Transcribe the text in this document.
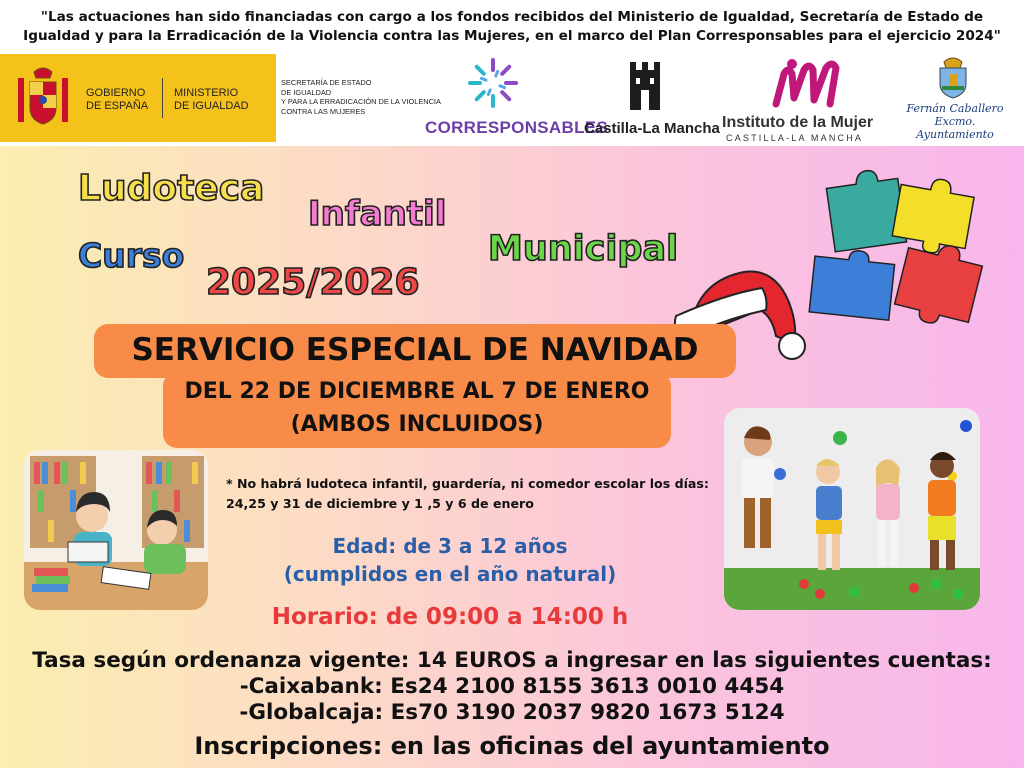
"Las actuaciones han sido financiadas con cargo a los fondos recibidos del Ministerio de Igualdad, Secretaría de Estado de
Igualdad y para la Erradicación de la Violencia contra las Mujeres, en el marco del Plan Corresponsables para el ejercicio 2024"
GOBIERNO
DE ESPAÑA
MINISTERIO
DE IGUALDAD
SECRETARÍA DE ESTADO
DE IGUALDAD
Y PARA LA ERRADICACIÓN DE LA VIOLENCIA
CONTRA LAS MUJERES
CORRESPONSABLES
Castilla-La Mancha Instituto de la Mujer
CASTILLA-LA MANCHA
Fernán Caballero
Excmo. Ayuntamiento
Ludoteca
Infantil
Curso	Municipal
2025/2026
SERVICIO ESPECIAL DE NAVIDAD
DEL 22 DE DICIEMBRE AL 7 DE ENERO
(AMBOS INCLUIDOS)
* No habrá ludoteca infantil, guardería, ni comedor escolar los días: 24,25 y 31 de diciembre y 1 ,5 y 6 de enero
Edad: de 3 a 12 años
(cumplidos en el año natural)
Horario: de 09:00 a 14:00 h
Tasa según ordenanza vigente: 14 EUROS a ingresar en las siguientes cuentas:
-Caixabank: Es24 2100 8155 3613 0010 4454
-Globalcaja: Es70 3190 2037 9820 1673 5124
Inscripciones: en las oficinas del ayuntamiento
